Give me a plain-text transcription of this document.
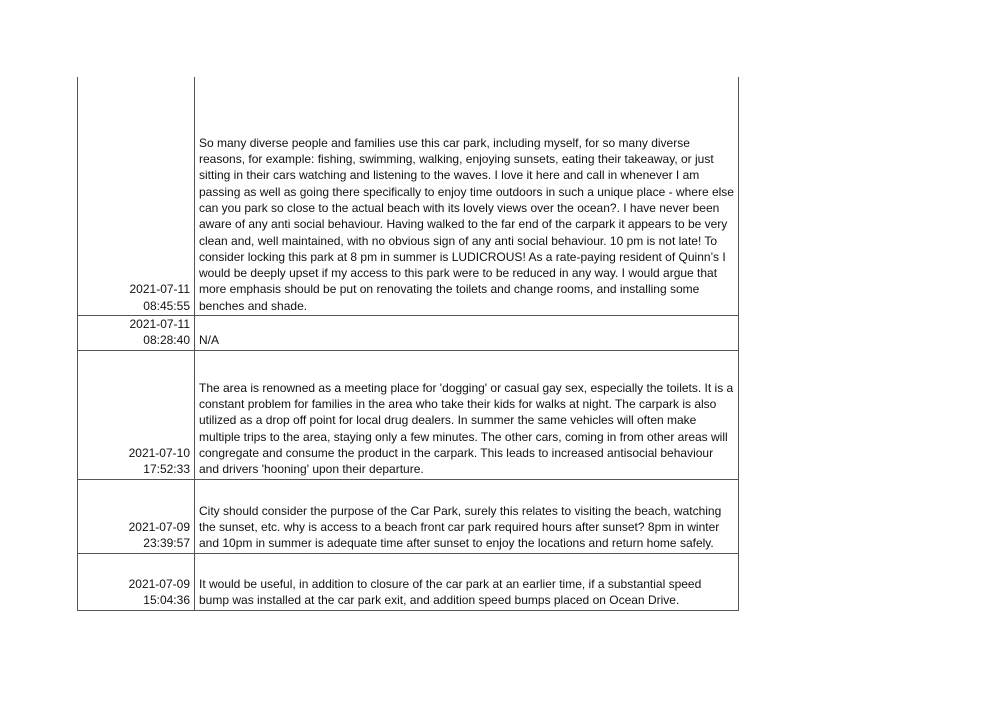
2021-07-11
08:45:55	So many diverse people and families use this car park, including myself, for so many diverse reasons, for example: fishing, swimming, walking, enjoying sunsets, eating their takeaway, or just sitting in their cars watching and listening to the waves. I love it here and call in whenever I am passing as well as going there specifically to enjoy time outdoors in such a unique place - where else can you park so close to the actual beach with its lovely views over the ocean?. I have never been aware of any anti social behaviour. Having walked to the far end of the carpark it appears to be very clean and, well maintained, with no obvious sign of any anti social behaviour. 10 pm is not late! To consider locking this park at 8 pm in summer is LUDICROUS! As a rate-paying resident of Quinn’s I would be deeply upset if my access to this park were to be reduced in any way. I would argue that more emphasis should be put on renovating the toilets and change rooms, and installing some benches and shade.

2021-07-11
08:28:40	N/A

2021-07-10
17:52:33	The area is renowned as a meeting place for 'dogging' or casual gay sex, especially the toilets. It is a constant problem for families in the area who take their kids for walks at night. The carpark is also utilized as a drop off point for local drug dealers. In summer the same vehicles will often make multiple trips to the area, staying only a few minutes. The other cars, coming in from other areas will congregate and consume the product in the carpark. This leads to increased antisocial behaviour and drivers 'hooning' upon their departure.

2021-07-09
23:39:57	City should consider the purpose of the Car Park, surely this relates to visiting the beach, watching the sunset, etc. why is access to a beach front car park required hours after sunset? 8pm in winter and 10pm in summer is adequate time after sunset to enjoy the locations and return home safely.

2021-07-09
15:04:36	It would be useful, in addition to closure of the car park at an earlier time, if a substantial speed bump was installed at the car park exit, and addition speed bumps placed on Ocean Drive.
